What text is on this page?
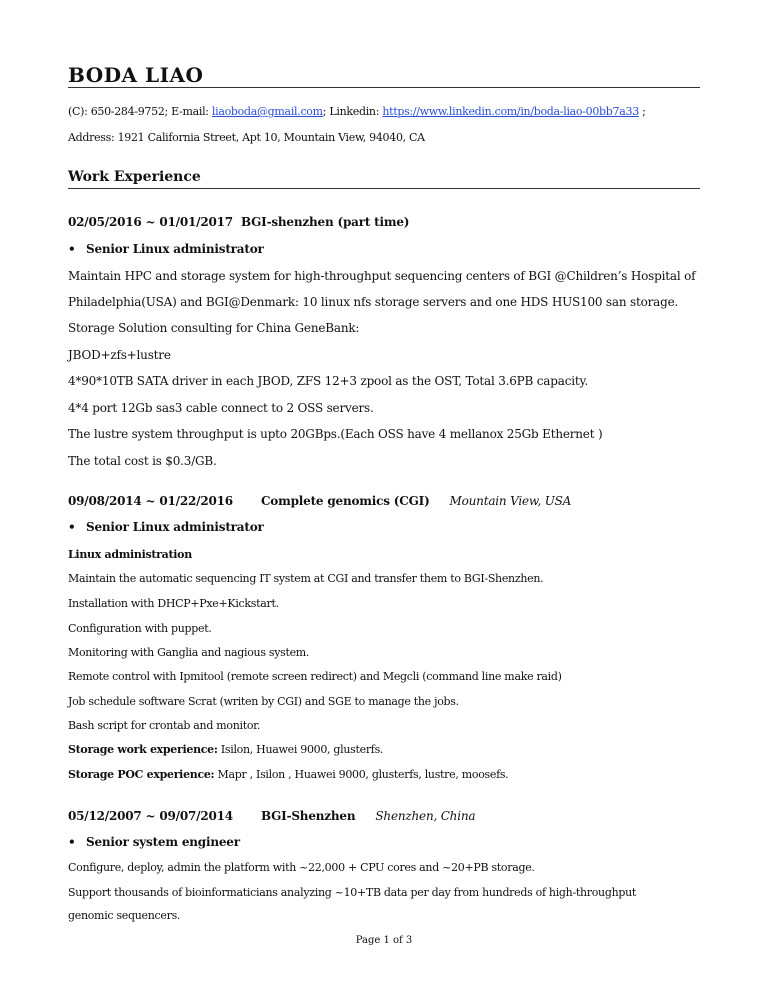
BODA LIAO
(C): 650-284-9752; E-mail: liaoboda@gmail.com; Linkedin: https://www.linkedin.com/in/boda-liao-00bb7a33 ;
Address: 1921 California Street, Apt 10, Mountain View, 94040, CA
Work Experience
02/05/2016 ~ 01/01/2017 BGI-shenzhen (part time)
• Senior Linux administrator
Maintain HPC and storage system for high-throughput sequencing centers of BGI @Children’s Hospital of
Philadelphia(USA) and BGI@Denmark: 10 linux nfs storage servers and one HDS HUS100 san storage.
Storage Solution consulting for China GeneBank:
JBOD+zfs+lustre
4*90*10TB SATA driver in each JBOD, ZFS 12+3 zpool as the OST, Total 3.6PB capacity.
4*4 port 12Gb sas3 cable connect to 2 OSS servers.
The lustre system throughput is upto 20GBps.(Each OSS have 4 mellanox 25Gb Ethernet )
The total cost is $0.3/GB.
09/08/2014 ~ 01/22/2016 Complete genomics (CGI) Mountain View, USA
• Senior Linux administrator
Linux administration
Maintain the automatic sequencing IT system at CGI and transfer them to BGI-Shenzhen.
Installation with DHCP+Pxe+Kickstart.
Configuration with puppet.
Monitoring with Ganglia and nagious system.
Remote control with Ipmitool (remote screen redirect) and Megcli (command line make raid)
Job schedule software Scrat (writen by CGI) and SGE to manage the jobs.
Bash script for crontab and monitor.
Storage work experience: Isilon, Huawei 9000, glusterfs.
Storage POC experience: Mapr , Isilon , Huawei 9000, glusterfs, lustre, moosefs.
05/12/2007 ~ 09/07/2014 BGI-Shenzhen Shenzhen, China
• Senior system engineer
Configure, deploy, admin the platform with ~22,000 + CPU cores and ~20+PB storage.
Support thousands of bioinformaticians analyzing ~10+TB data per day from hundreds of high-throughput
genomic sequencers.
Page 1 of 3
